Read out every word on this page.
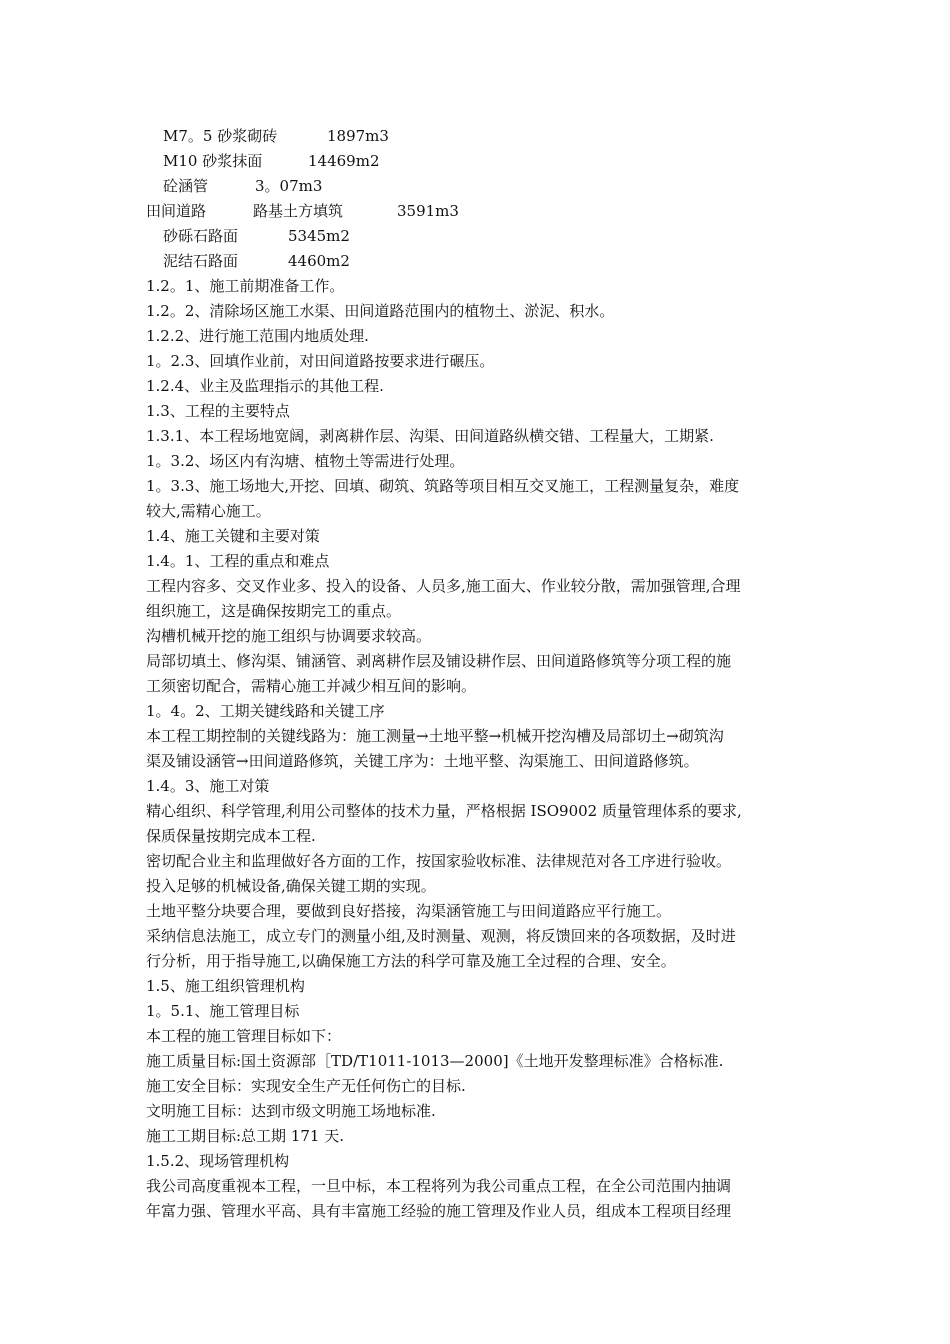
M7。5 砂浆砌砖	1897m3
M10 砂浆抹面	14469m2
砼涵管	3。07m3
田间道路	路基土方填筑	3591m3
砂砾石路面	5345m2
泥结石路面	4460m2
1.2。1、施工前期准备工作。
1.2。2、清除场区施工水渠、田间道路范围内的植物土、淤泥、积水。
1.2.2、进行施工范围内地质处理.
1。2.3、回填作业前，对田间道路按要求进行碾压。
1.2.4、业主及监理指示的其他工程.
1.3、工程的主要特点
1.3.1、本工程场地宽阔，剥离耕作层、沟渠、田间道路纵横交错、工程量大，工期紧.
1。3.2、场区内有沟塘、植物土等需进行处理。
1。3.3、施工场地大,开挖、回填、砌筑、筑路等项目相互交叉施工，工程测量复杂，难度
较大,需精心施工。
1.4、施工关键和主要对策
1.4。1、工程的重点和难点
工程内容多、交叉作业多、投入的设备、人员多,施工面大、作业较分散，需加强管理,合理
组织施工，这是确保按期完工的重点。
沟槽机械开挖的施工组织与协调要求较高。
局部切填土、修沟渠、铺涵管、剥离耕作层及铺设耕作层、田间道路修筑等分项工程的施
工须密切配合，需精心施工并减少相互间的影响。
1。4。2、工期关键线路和关键工序
本工程工期控制的关键线路为：施工测量→土地平整→机械开挖沟槽及局部切土→砌筑沟
渠及铺设涵管→田间道路修筑，关键工序为：土地平整、沟渠施工、田间道路修筑。
1.4。3、施工对策
精心组织、科学管理,利用公司整体的技术力量，严格根据 ISO9002 质量管理体系的要求,
保质保量按期完成本工程.
密切配合业主和监理做好各方面的工作，按国家验收标准、法律规范对各工序进行验收。
投入足够的机械设备,确保关键工期的实现。
土地平整分块要合理，要做到良好搭接，沟渠涵管施工与田间道路应平行施工。
采纳信息法施工，成立专门的测量小组,及时测量、观测，将反馈回来的各项数据，及时进
行分析，用于指导施工,以确保施工方法的科学可靠及施工全过程的合理、安全。
1.5、施工组织管理机构
1。5.1、施工管理目标
本工程的施工管理目标如下：
施工质量目标:国土资源部［TD/T1011-1013—2000]《土地开发整理标准》合格标准.
施工安全目标：实现安全生产无任何伤亡的目标.
文明施工目标：达到市级文明施工场地标准.
施工工期目标:总工期 171 天.
1.5.2、现场管理机构
我公司高度重视本工程，一旦中标，本工程将列为我公司重点工程，在全公司范围内抽调
年富力强、管理水平高、具有丰富施工经验的施工管理及作业人员，组成本工程项目经理
